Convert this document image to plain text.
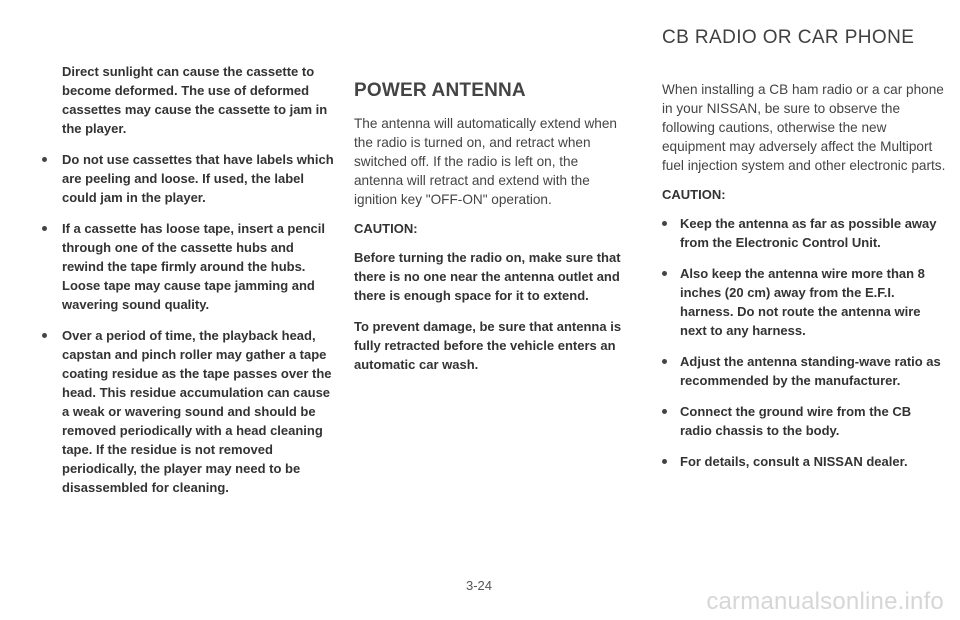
CB RADIO OR CAR PHONE

Direct sunlight can cause the cassette to become deformed. The use of deformed cassettes may cause the cassette to jam in the player.

Do not use cassettes that have labels which are peeling and loose. If used, the label could jam in the player.
If a cassette has loose tape, insert a pencil through one of the cassette hubs and rewind the tape firmly around the hubs. Loose tape may cause tape jamming and wavering sound quality.
Over a period of time, the playback head, capstan and pinch roller may gather a tape coating residue as the tape passes over the head. This residue accumulation can cause a weak or wavering sound and should be removed periodically with a head cleaning tape. If the residue is not removed periodically, the player may need to be disassembled for cleaning.
POWER ANTENNA

The antenna will automatically extend when the radio is turned on, and retract when switched off. If the radio is left on, the antenna will retract and extend with the ignition key "OFF-ON" operation.

CAUTION:

Before turning the radio on, make sure that there is no one near the antenna outlet and there is enough space for it to extend.

To prevent damage, be sure that antenna is fully retracted before the vehicle enters an automatic car wash.

When installing a CB ham radio or a car phone in your NISSAN, be sure to observe the following cautions, otherwise the new equipment may adversely affect the Multiport fuel injection system and other electronic parts.

CAUTION:

Keep the antenna as far as possible away from the Electronic Control Unit.
Also keep the antenna wire more than 8 inches (20 cm) away from the E.F.I. harness. Do not route the antenna wire next to any harness.
Adjust the antenna standing-wave ratio as recommended by the manufacturer.
Connect the ground wire from the CB radio chassis to the body.
For details, consult a NISSAN dealer.
3-24
carmanualsonline.info
